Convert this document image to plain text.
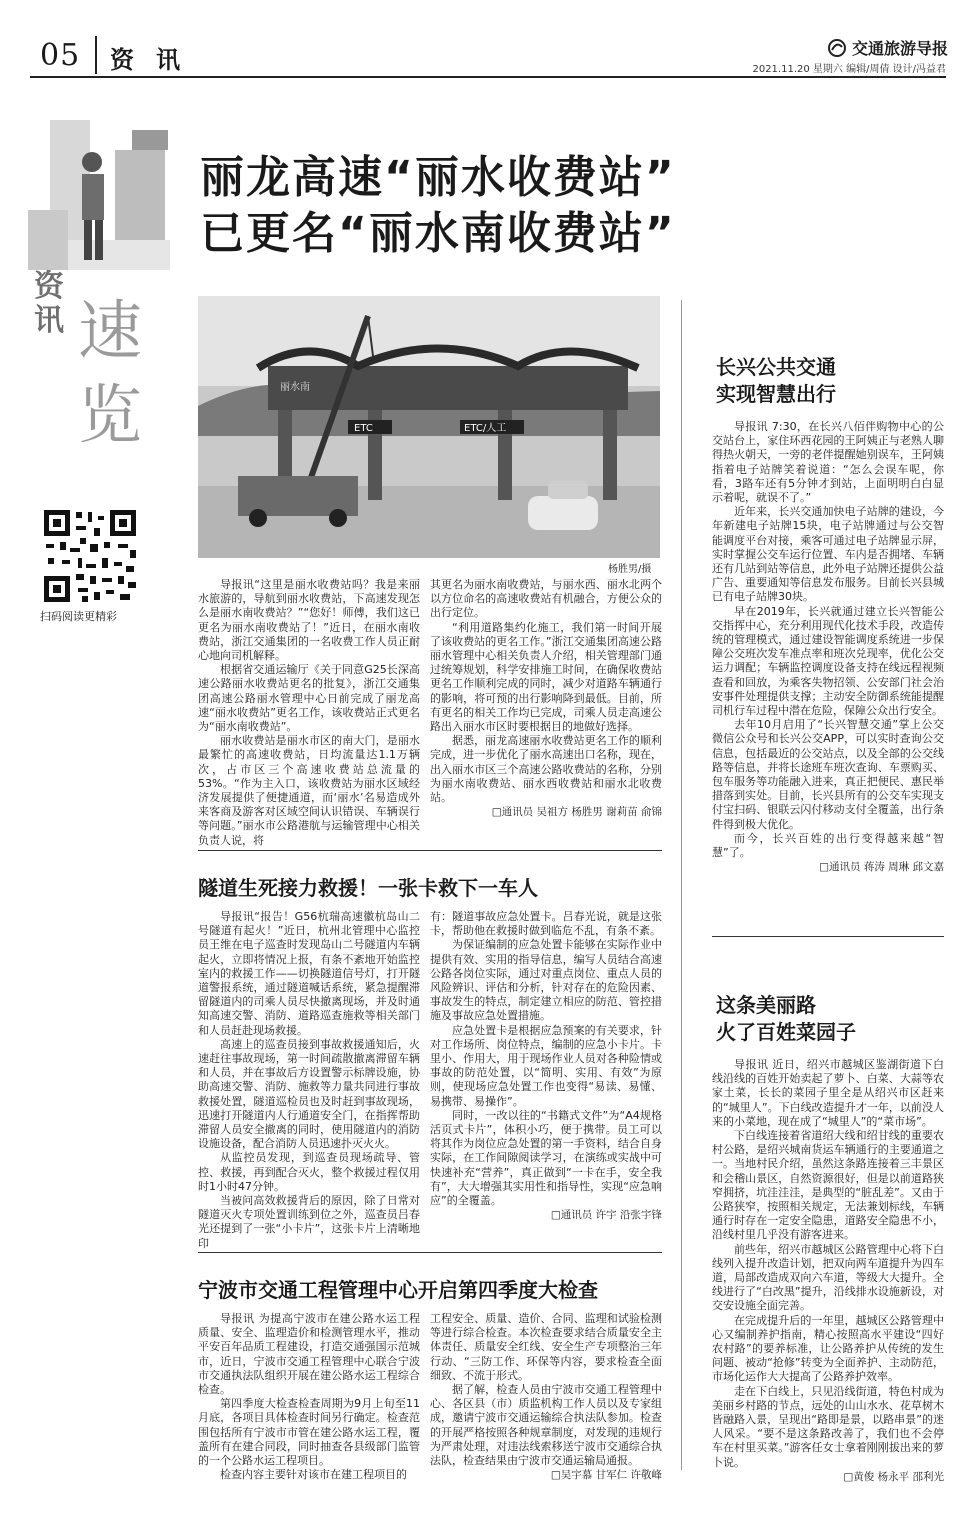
05 资讯	交通旅游导报
2021.11.20 星期六 编辑/周倩 设计/冯益君
资讯 速览
扫码阅读更精彩
丽龙高速“丽水收费站”
已更名“丽水南收费站”
丽水南
ETC	ETC/人工
杨胜男/摄

导报讯“这里是丽水收费站吗？我是来丽水旅游的，导航到丽水收费站，下高速发现怎么是丽水南收费站？”“您好！师傅，我们这已更名为丽水南收费站了！”近日，在丽水南收费站，浙江交通集团的一名收费工作人员正耐心地向司机解释。

根据省交通运输厅《关于同意G25长深高速公路丽水收费站更名的批复》，浙江交通集团高速公路丽水管理中心日前完成了丽龙高速“丽水收费站”更名工作，该收费站正式更名为“丽水南收费站”。

丽水收费站是丽水市区的南大门，是丽水最繁忙的高速收费站，日均流量达1.1万辆次，占市区三个高速收费站总流量的53%。“作为主入口，该收费站为丽水区域经济发展提供了便捷通道，而‘丽水’名易造成外来客商及游客对区域空间认识错误、车辆误行等问题。”丽水市公路港航与运输管理中心相关负责人说，将

其更名为丽水南收费站，与丽水西、丽水北两个以方位命名的高速收费站有机融合，方便公众的出行定位。

“利用道路集约化施工，我们第一时间开展了该收费站的更名工作。”浙江交通集团高速公路丽水管理中心相关负责人介绍，相关管理部门通过统筹规划，科学安排施工时间，在确保收费站更名工作顺利完成的同时，减少对道路车辆通行的影响，将可预的出行影响降到最低。目前，所有更名的相关工作均已完成，司乘人员走高速公路出入丽水市区时要根据目的地做好选择。

据悉，丽龙高速丽水收费站更名工作的顺利完成，进一步优化了丽水高速出口名称，现在，出入丽水市区三个高速公路收费站的名称，分别为丽水南收费站、丽水西收费站和丽水北收费站。

□通讯员 吴祖方 杨胜男 谢莉苗 俞锦
隧道生死接力救援！一张卡救下一车人

导报讯“报告！G56杭瑞高速徽杭岛山二号隧道有起火！”近日，杭州北管理中心监控员王维在电子巡查时发现岛山二号隧道内车辆起火，立即将情况上报，有条不紊地开始监控室内的救援工作——切换隧道信号灯，打开隧道警报系统，通过隧道喊话系统，紧急提醒滞留隧道内的司乘人员尽快撤离现场，并及时通知高速交警、消防、道路巡查施救等相关部门和人员赶赴现场救援。

高速上的巡查员接到事故救援通知后，火速赶往事故现场，第一时间疏散撤离滞留车辆和人员，并在事故后方设置警示标牌设施，协助高速交警、消防、施救等力量共同进行事故救援处置，隧道巡检员也及时赶到事故现场，迅速打开隧道内人行通道安全门，在指挥帮助滞留人员安全撤离的同时，使用隧道内的消防设施设备，配合消防人员迅速扑灭火火。

从监控员发现，到巡查员现场疏导、管控、救援，再到配合灭火，整个救援过程仅用时1小时47分钟。

当被问高效救援背后的原因，除了日常对隧道灭火专项处置训练到位之外，巡查员吕春光还提到了一张“小卡片”，这张卡片上清晰地印

有：隧道事故应急处置卡。吕春光说，就是这张卡，帮助他在救援时做到临危不乱，有条不紊。

为保证编制的应急处置卡能够在实际作业中提供有效、实用的指导信息，编写人员结合高速公路各岗位实际，通过对重点岗位、重点人员的风险辨识、评估和分析，针对存在的危险因素、事故发生的特点，制定建立相应的防范、管控措施及事故应急处置措施。

应急处置卡是根据应急预案的有关要求，针对工作场所、岗位特点，编制的应急小卡片。卡里小、作用大，用于现场作业人员对各种险情或事故的防范处置，以“简明、实用、有效”为原则，使现场应急处置工作也变得“易读、易懂、易携带、易操作”。

同时，一改以往的“书籍式文件”为“A4规格活页式卡片”，体积小巧，便于携带。员工可以将其作为岗位应急处置的第一手资料，结合自身实际，在工作间隙阅读学习，在演练或实战中可快速补充“营养”，真正做到“一卡在手，安全我有”，大大增强其实用性和指导性，实现“应急响应”的全覆盖。

□通讯员 许宇 沿张宇锋
宁波市交通工程管理中心开启第四季度大检查

导报讯 为提高宁波市在建公路水运工程质量、安全、监理造价和检测管理水平，推动平安百年品质工程建设，打造交通强国示范城市，近日，宁波市交通工程管理中心联合宁波市交通执法队组织开展在建公路水运工程综合检查。

第四季度大检查检查周期为9月上旬至11月底，各项目具体检查时间另行确定。检查范围包括所有宁波市市管在建公路水运工程，覆盖所有在建合同段，同时抽查各县级部门监管的一个公路水运工程项目。

检查内容主要针对该市在建工程项目的

工程安全、质量、造价、合同、监理和试验检测等进行综合检查。本次检查要求结合质量安全主体责任、质量安全红线、安全生产专项整治三年行动、“三防工作、环保等内容，要求检查全面细致、不流于形式。

据了解，检查人员由宁波市交通工程管理中心、各区县（市）质监机构工作人员以及专家组成，邀请宁波市交通运输综合执法队参加。检查的开展严格按照各种规章制度，对发现的违规行为严肃处理，对违法线索移送宁波市交通综合执法队，检查结果由宁波市交通运输局通报。

□吴宇慕 甘军仁 许敬峰
长兴公共交通
实现智慧出行

导报讯 7:30，在长兴八佰伴购物中心的公交站台上，家住环西花园的王阿姨正与老熟人聊得热火朝天，一旁的老伴提醒她别误车，王阿姨指着电子站牌笑着说道：“怎么会误车呢，你看，3路车还有5分钟才到站，上面明明白白显示着呢，就误不了。”

近年来，长兴交通加快电子站牌的建设，今年新建电子站牌15块，电子站牌通过与公交智能调度平台对接，乘客可通过电子站牌显示屏，实时掌握公交车运行位置、车内是否拥堵、车辆还有几站到站等信息，此外电子站牌还提供公益广告、重要通知等信息发布服务。目前长兴县城已有电子站牌30块。

早在2019年，长兴就通过建立长兴智能公交指挥中心，充分利用现代化技术手段，改造传统的管理模式，通过建设智能调度系统进一步保障公交班次发车准点率和班次兑现率，优化公交运力调配；车辆监控调度设备支持在线远程视频查看和回放，为乘客失物招领、公安部门社会治安事件处理提供支撑；主动安全防御系统能提醒司机行车过程中潜在危险，保障公众出行安全。

去年10月启用了“长兴智慧交通”掌上公交微信公众号和长兴公交APP，可以实时查询公交信息，包括最近的公交站点，以及全部的公交线路等信息，并将长途班车班次查询、车票购买、包车服务等功能融入进来，真正把便民、惠民举措落到实处。目前，长兴县所有的公交车实现支付宝扫码、银联云闪付移动支付全覆盖，出行条件得到极大优化。

而今，长兴百姓的出行变得越来越“智慧”了。

□通讯员 蒋涛 周琳 邱文嘉
这条美丽路
火了百姓菜园子

导报讯 近日，绍兴市越城区鉴湖街道下白线沿线的百姓开始卖起了萝卜、白菜、大蒜等农家土菜，长长的菜园子里全是从绍兴市区赶来的“城里人”。下白线改造提升才一年，以前没人来的小菜地，现在成了“城里人”的“菜市场”。

下白线连接着省道绍大线和绍甘线的重要农村公路，是绍兴城南货运车辆通行的主要通道之一。当地村民介绍，虽然这条路连接着三丰景区和会稽山景区，自然资源很好，但是以前道路狭窄拥挤，坑洼洼洼，是典型的“脏乱差”。又由于公路狭窄，按照相关规定，无法兼划标线，车辆通行时存在一定安全隐患，道路安全隐患不小，沿线村里几乎没有游客进来。

前些年，绍兴市越城区公路管理中心将下白线列入提升改造计划，把双向两车道提升为四车道，局部改造成双向六车道，等级大大提升。全线进行了“白改黑”提升，沿线排水设施新设，对交安设施全面完善。

在完成提升后的一年里，越城区公路管理中心又编制养护指南，精心按照高水平建设“四好农村路”的要养标准，让公路养护从传统的发生问题、被动“抢修”转变为全面养护、主动防范，市场化运作大大提高了公路养护效率。

走在下白线上，只见沿线街道，特色村成为美丽乡村路的节点，远处的山山水水、花草树木皆融路入景，呈现出“路即是景，以路串景”的迷人风采。“要不是这条路改善了，我们也不会停车在村里买菜。”游客任女士拿着刚刚拔出来的萝卜说。

□黄俊 杨永平 邵利光
